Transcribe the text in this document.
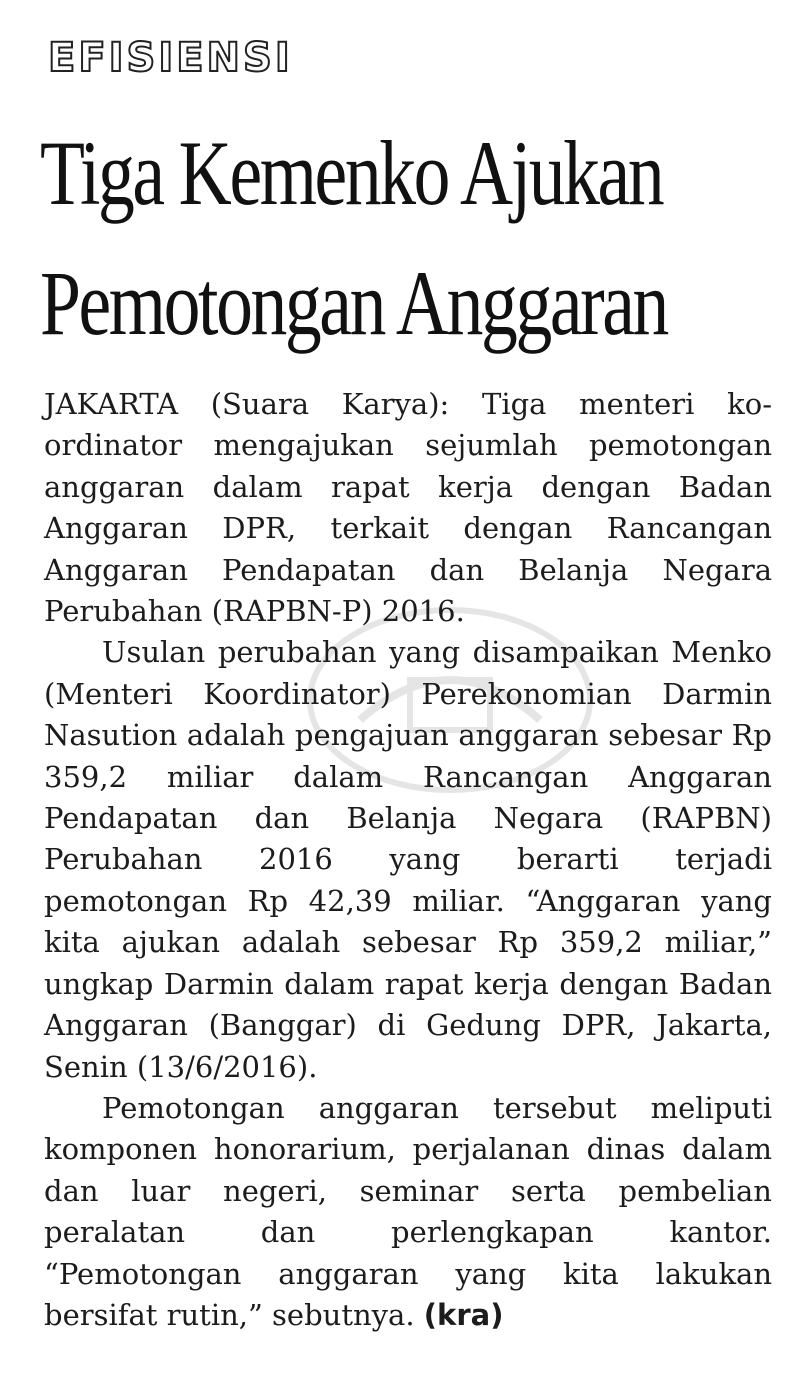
EFISIENSI
Tiga Kemenko Ajukan
Pemotongan Anggaran

JAKARTA (Suara Karya): Tiga menteri koordinator mengajukan sejumlah pemotongan anggaran dalam rapat kerja dengan Badan Anggaran DPR, terkait dengan Rancangan Anggaran Pendapatan dan Belanja Negara Perubahan (RAPBN-P) 2016.

Usulan perubahan yang disampaikan Menko (Menteri Koordinator) Perekonomian Darmin Nasution adalah pengajuan anggaran sebesar Rp 359,2 miliar dalam Rancangan Anggaran Pendapatan dan Belanja Negara (RAPBN) Perubahan 2016 yang berarti terjadi pemotongan Rp 42,39 miliar. “Anggaran yang kita ajukan adalah sebesar Rp 359,2 miliar,” ungkap Darmin dalam rapat kerja dengan Badan Anggaran (Banggar) di Gedung DPR, Jakarta, Senin (13/6/2016).

Pemotongan anggaran tersebut meliputi komponen honorarium, perjalanan dinas dalam dan luar negeri, seminar serta pembelian peralatan dan perlengkapan kantor. “Pemotongan anggaran yang kita lakukan bersifat rutin,” sebutnya. (kra)
